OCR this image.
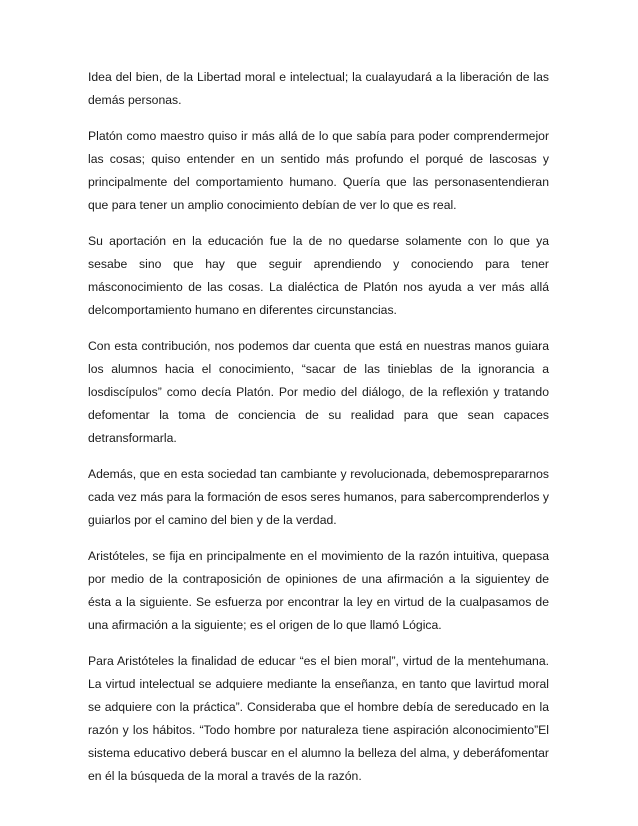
Idea del bien, de la Libertad moral e intelectual; la cualayudará a la liberación de las demás personas.

Platón como maestro quiso ir más allá de lo que sabía para poder comprendermejor las cosas; quiso entender en un sentido más profundo el porqué de lascosas y principalmente del comportamiento humano. Quería que las personasentendieran que para tener un amplio conocimiento debían de ver lo que es real.

Su aportación en la educación fue la de no quedarse solamente con lo que ya sesabe sino que hay que seguir aprendiendo y conociendo para tener másconocimiento de las cosas. La dialéctica de Platón nos ayuda a ver más allá delcomportamiento humano en diferentes circunstancias.

Con esta contribución, nos podemos dar cuenta que está en nuestras manos guiara los alumnos hacia el conocimiento, “sacar de las tinieblas de la ignorancia a losdiscípulos” como decía Platón. Por medio del diálogo, de la reflexión y tratando defomentar la toma de conciencia de su realidad para que sean capaces detransformarla.

Además, que en esta sociedad tan cambiante y revolucionada, debemosprepararnos cada vez más para la formación de esos seres humanos, para sabercomprenderlos y guiarlos por el camino del bien y de la verdad.

Aristóteles, se fija en principalmente en el movimiento de la razón intuitiva, quepasa por medio de la contraposición de opiniones de una afirmación a la siguientey de ésta a la siguiente. Se esfuerza por encontrar la ley en virtud de la cualpasamos de una afirmación a la siguiente; es el origen de lo que llamó Lógica.

Para Aristóteles la finalidad de educar “es el bien moral”, virtud de la mentehumana. La virtud intelectual se adquiere mediante la enseñanza, en tanto que lavirtud moral se adquiere con la práctica”. Consideraba que el hombre debía de sereducado en la razón y los hábitos. “Todo hombre por naturaleza tiene aspiración alconocimiento”El sistema educativo deberá buscar en el alumno la belleza del alma, y deberáfomentar en él la búsqueda de la moral a través de la razón.
